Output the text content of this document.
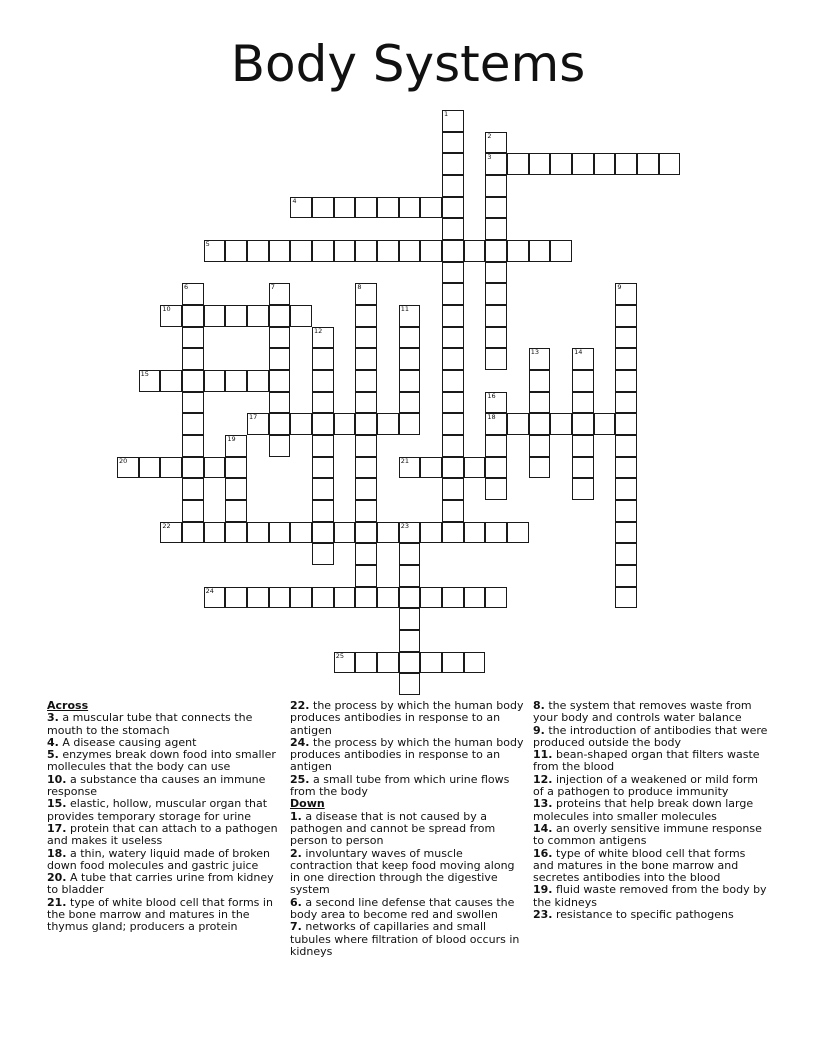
Body Systems
1
2
3
4
5
6	7	8	9
10	11
12
13	14
15
16
18
17
19
20	21
22	23
24
25
Across

3. a muscular tube that connects the mouth to the stomach

4. A disease causing agent

5. enzymes break down food into smaller mollecules that the body can use

10. a substance tha causes an immune response

15. elastic, hollow, muscular organ that provides temporary storage for urine

17. protein that can attach to a pathogen and makes it useless

18. a thin, watery liquid made of broken down food molecules and gastric juice

20. A tube that carries urine from kidney to bladder

21. type of white blood cell that forms in the bone marrow and matures in the thymus gland; producers a protein

22. the process by which the human body produces antibodies in response to an antigen

24. the process by which the human body produces antibodies in response to an antigen

25. a small tube from which urine flows from the body

Down

1. a disease that is not caused by a pathogen and cannot be spread from person to person

2. involuntary waves of muscle contraction that keep food moving along in one direction through the digestive system

6. a second line defense that causes the body area to become red and swollen

7. networks of capillaries and small tubules where filtration of blood occurs in kidneys

8. the system that removes waste from your body and controls water balance

9. the introduction of antibodies that were produced outside the body

11. bean-shaped organ that filters waste from the blood

12. injection of a weakened or mild form of a pathogen to produce immunity

13. proteins that help break down large molecules into smaller molecules

14. an overly sensitive immune response to common antigens

16. type of white blood cell that forms and matures in the bone marrow and secretes antibodies into the blood

19. fluid waste removed from the body by the kidneys

23. resistance to specific pathogens
